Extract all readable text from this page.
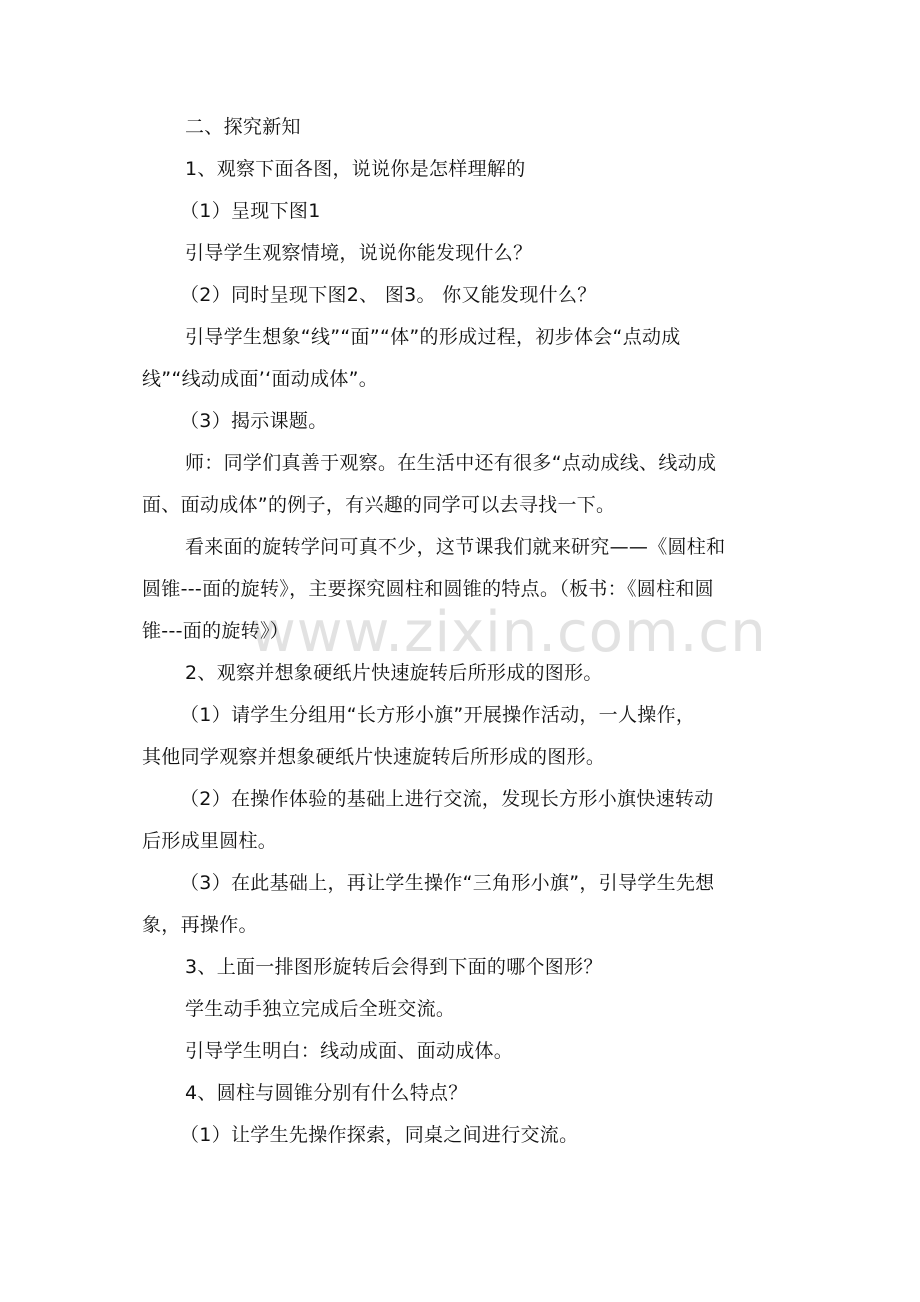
www.zixin.com.cn
二、探究新知
1、观察下面各图，说说你是怎样理解的
（1）呈现下图1
引导学生观察情境，说说你能发现什么？
（2）同时呈现下图2、 图3。 你又能发现什么？
引导学生想象“线”“面”“体”的形成过程，初步体会“点动成
线”“线动成面’‘面动成体”。
（3）揭示课题。
师：同学们真善于观察。在生活中还有很多“点动成线、线动成
面、面动成体”的例子，有兴趣的同学可以去寻找一下。
看来面的旋转学问可真不少，这节课我们就来研究——《圆柱和
圆锥---面的旋转》，主要探究圆柱和圆锥的特点。（板书：《圆柱和圆
锥---面的旋转》）
2、观察并想象硬纸片快速旋转后所形成的图形。
（1）请学生分组用“长方形小旗”开展操作活动，一人操作，
其他同学观察并想象硬纸片快速旋转后所形成的图形。
（2）在操作体验的基础上进行交流，发现长方形小旗快速转动
后形成里圆柱。
（3）在此基础上，再让学生操作“三角形小旗”，引导学生先想
象，再操作。
3、上面一排图形旋转后会得到下面的哪个图形？
学生动手独立完成后全班交流。
引导学生明白：线动成面、面动成体。
4、圆柱与圆锥分别有什么特点？
（1）让学生先操作探索，同桌之间进行交流。
